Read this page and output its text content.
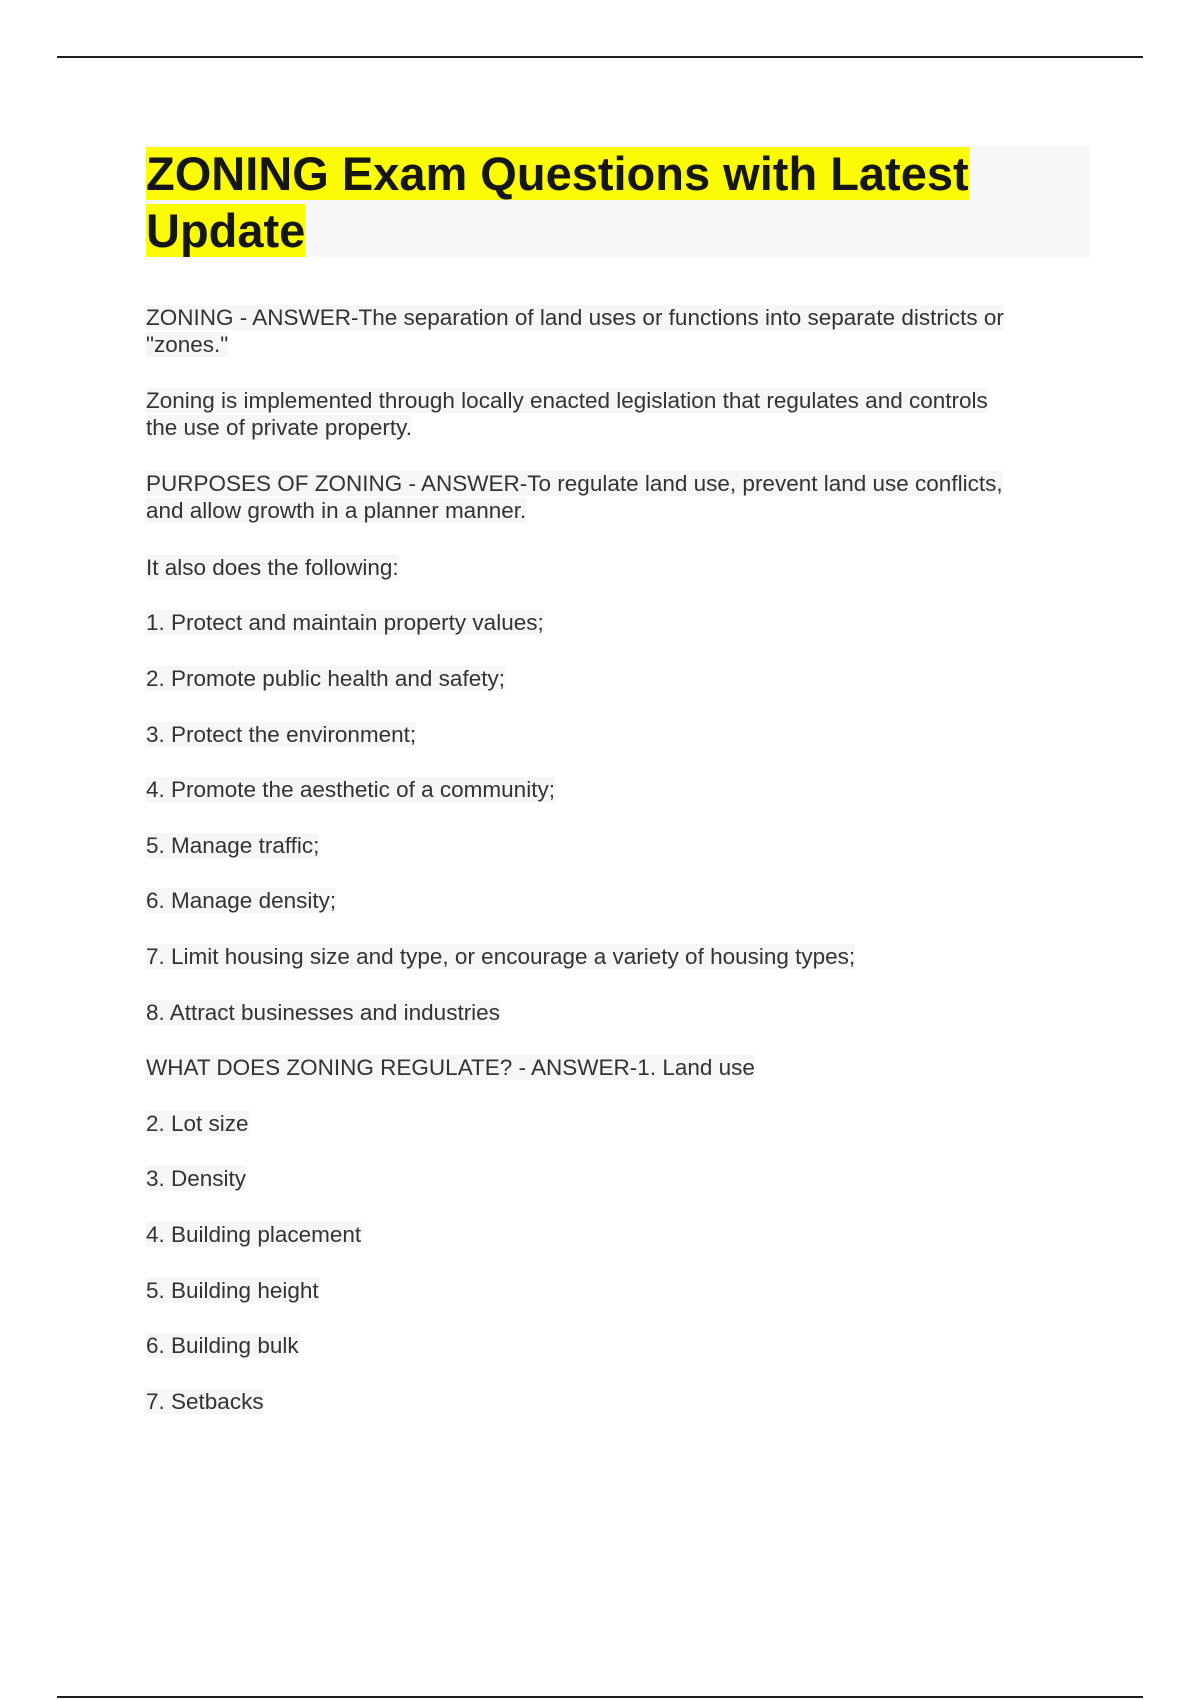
ZONING Exam Questions with Latest Update

ZONING - ANSWER-The separation of land uses or functions into separate districts or
"zones."

Zoning is implemented through locally enacted legislation that regulates and controls
the use of private property.

PURPOSES OF ZONING - ANSWER-To regulate land use, prevent land use conflicts,
and allow growth in a planner manner.

It also does the following:

1. Protect and maintain property values;

2. Promote public health and safety;

3. Protect the environment;

4. Promote the aesthetic of a community;

5. Manage traffic;

6. Manage density;

7. Limit housing size and type, or encourage a variety of housing types;

8. Attract businesses and industries

WHAT DOES ZONING REGULATE? - ANSWER-1. Land use

2. Lot size

3. Density

4. Building placement

5. Building height

6. Building bulk

7. Setbacks
